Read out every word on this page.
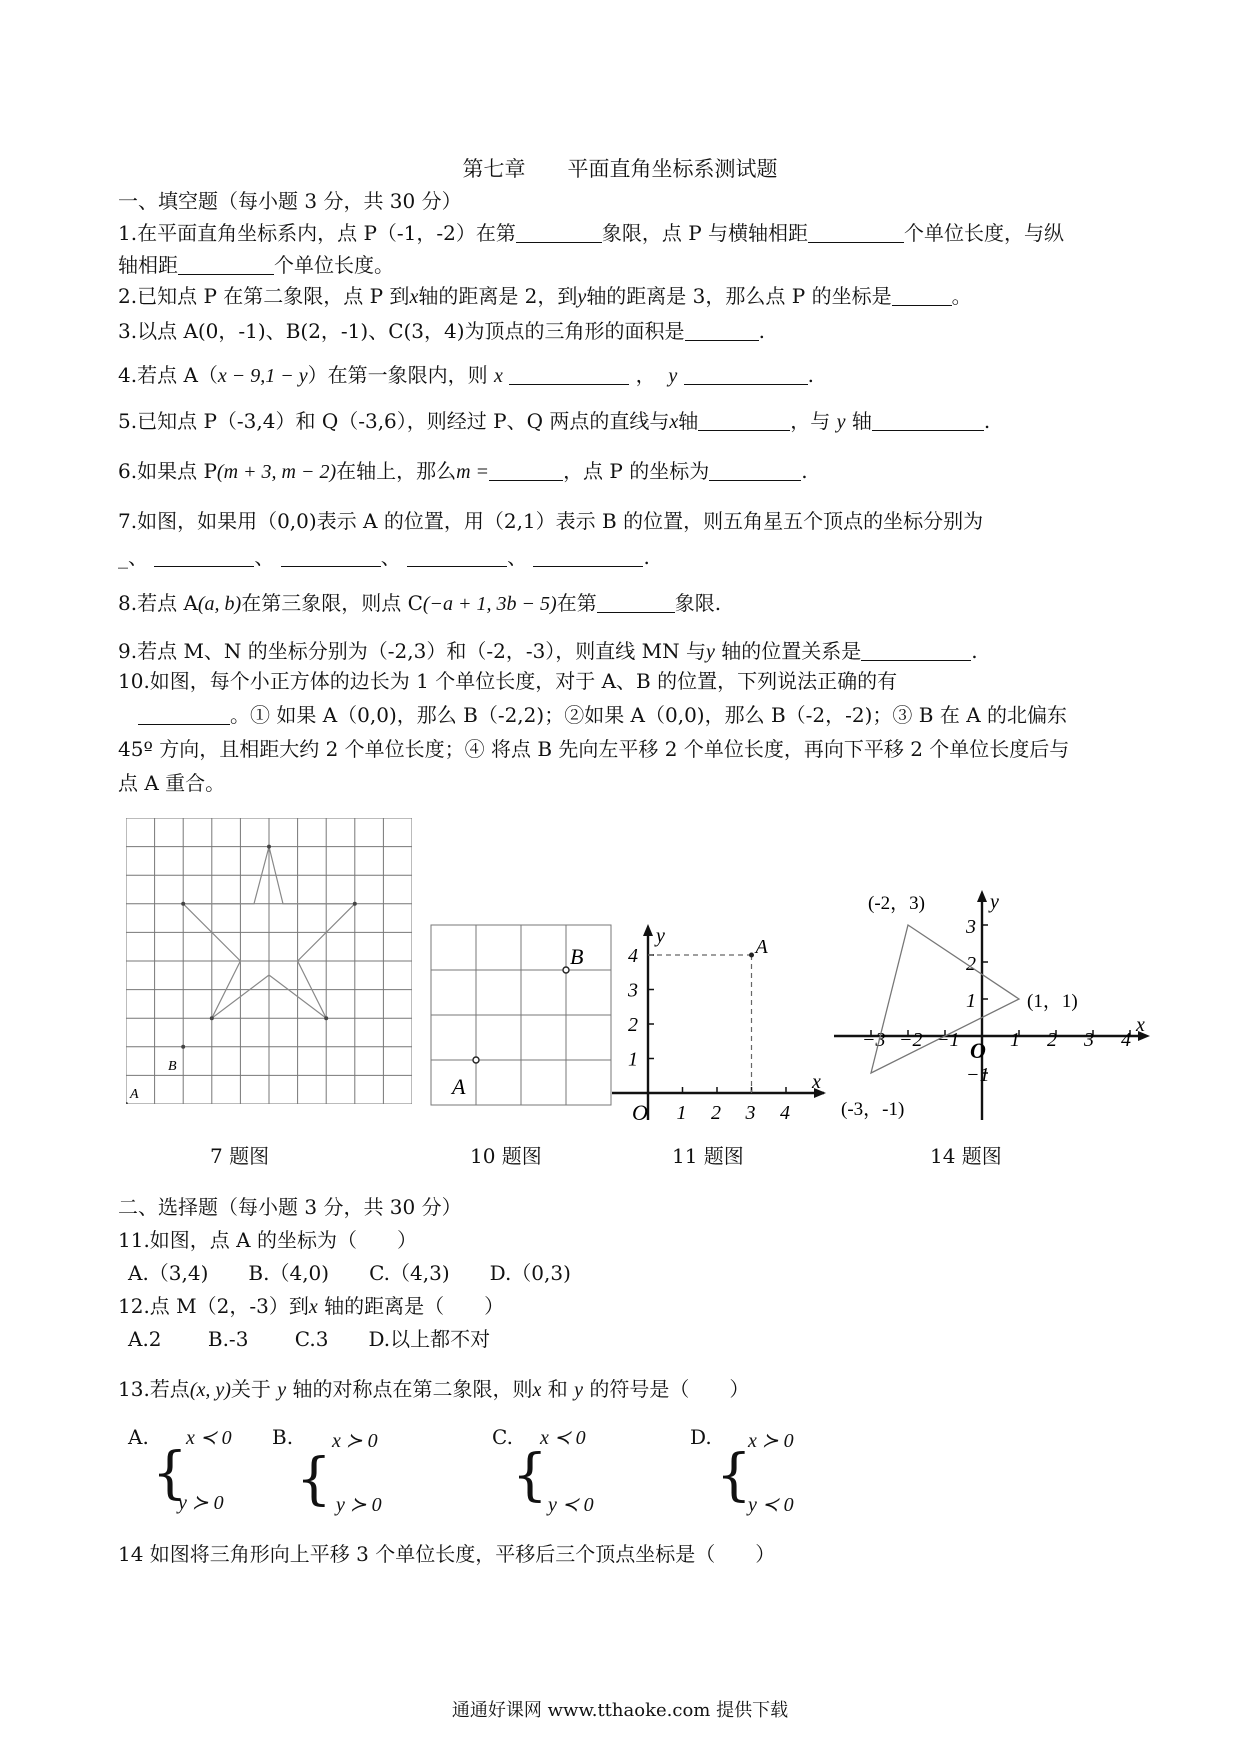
第七章　　平面直角坐标系测试题
一、填空题（每小题 3 分，共 30 分）
1.在平面直角坐标系内，点 P（-1，-2）在第	象限，点 P 与横轴相距	个单位长度，与纵
轴相距	个单位长度。
2.已知点 P 在第二象限，点 P 到x轴的距离是 2，到y轴的距离是 3，那么点 P 的坐标是	。
3.以点 A(0，-1)、B(2，-1)、C(3，4)为顶点的三角形的面积是	.
4.若点 A（x − 9,1 − y）在第一象限内，则 x	， y	.
5.已知点 P（-3,4）和 Q（-3,6），则经过 P、Q 两点的直线与x轴	，与 y 轴	.
6.如果点 P(m + 3, m − 2)在轴上，那么m =	，点 P 的坐标为	.
7.如图，如果用（0,0)表示 A 的位置，用（2,1）表示 B 的位置，则五角星五个顶点的坐标分别为
_、	、	、	、	.
8.若点 A(a, b)在第三象限，则点 C(−a + 1, 3b − 5)在第	象限.
9.若点 M、N 的坐标分别为（-2,3）和（-2，-3），则直线 MN 与y 轴的位置关系是	.
10.如图，每个小正方体的边长为 1 个单位长度，对于 A、B 的位置，下列说法正确的有
。① 如果 A（0,0)，那么 B（-2,2)；②如果 A（0,0)，那么 B（-2，-2)；③ B 在 A 的北偏东
45º 方向，且相距大约 2 个单位长度；④ 将点 B 先向左平移 2 个单位长度，再向下平移 2 个单位长度后与
点 A 重合。
A
B
7 题图
A
B
10 题图
y
x
O 1 2 3 4
1
2
3
4	A
11 题图
y
x
O
−3 −2 −1	1 2 3 4
3
2
1
−1
(-2，3)
(1，1)
(-3，-1)
14 题图
二、选择题（每小题 3 分，共 30 分）
11.如图，点 A 的坐标为（　　）
A.（3,4)　　B.（4,0)　　C.（4,3)　　D.（0,3)
12.点 M（2，-3）到x 轴的距离是（　　）
A.2　　 B.-3　　 C.3　　D.以上都不对
13.若点(x, y)关于 y 轴的对称点在第二象限，则x 和 y 的符号是（　　）
A.
{
x ≺ 0
y ≻ 0
B.
{
x ≻ 0
y ≻ 0
C.
{
x ≺ 0
y ≺ 0
D.
{
x ≻ 0
y ≺ 0
14 如图将三角形向上平移 3 个单位长度，平移后三个顶点坐标是（　　）
通通好课网 www.tthaoke.com 提供下载
